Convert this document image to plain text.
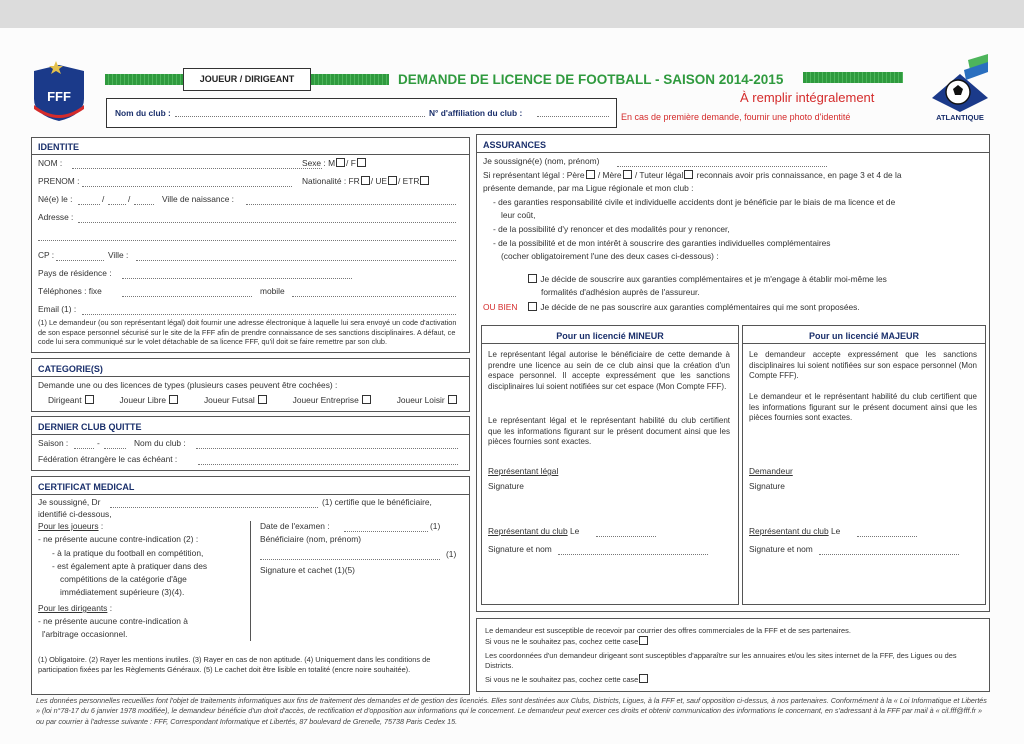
FFF
JOUEUR / DIRIGEANT	DEMANDE DE LICENCE DE FOOTBALL - SAISON 2014-2015
À remplir intégralement
En cas de première demande, fournir une photo d'identité	ATLANTIQUE
Nom du club :	N° d'affiliation du club :
IDENTITE
NOM :	Sexe : M / F
PRENOM :	Nationalité : FR / UE / ETR
Né(e) le :	/	/	Ville de naissance :
Adresse :
CP :	Ville :
Pays de résidence :
Téléphones : fixe	mobile
Email (1) :
(1) Le demandeur (ou son représentant légal) doit fournir une adresse électronique à laquelle lui sera envoyé un code d'activation de son espace personnel sécurisé sur le site de la FFF afin de prendre connaissance de ses sanctions disciplinaires. A défaut, ce code lui sera communiqué sur le volet détachable de sa licence FFF, qu'il doit se faire remettre par son club.
CATEGORIE(S)
Demande une ou des licences de types (plusieurs cases peuvent être cochées) :
Dirigeant	Joueur Libre	Joueur Futsal	Joueur Entreprise	Joueur Loisir
DERNIER CLUB QUITTE
Saison :	-	Nom du club :
Fédération étrangère le cas échéant :
CERTIFICAT MEDICAL
Je soussigné, Dr	(1) certifie que le bénéficiaire,
identifié ci-dessous,
Pour les joueurs :
- ne présente aucune contre-indication (2) :
- à la pratique du football en compétition,
- est également apte à pratiquer dans des
compétitions de la catégorie d'âge
immédiatement supérieure (3)(4).
Pour les dirigeants :
- ne présente aucune contre-indication à
l'arbitrage occasionnel.
Date de l'examen :	(1)
Bénéficiaire (nom, prénom)
(1)
Signature et cachet (1)(5)
(1) Obligatoire. (2) Rayer les mentions inutiles. (3) Rayer en cas de non aptitude. (4) Uniquement dans les conditions de participation fixées par les Règlements Généraux. (5) Le cachet doit être lisible en totalité (encre noire souhaitée).
ASSURANCES
Je soussigné(e) (nom, prénom)
Si représentant légal : Père / Mère / Tuteur légal reconnais avoir pris connaissance, en page 3 et 4 de la
présente demande, par ma Ligue régionale et mon club :
- des garanties responsabilité civile et individuelle accidents dont je bénéficie par le biais de ma licence et de
leur coût,
- de la possibilité d'y renoncer et des modalités pour y renoncer,
- de la possibilité et de mon intérêt à souscrire des garanties individuelles complémentaires
(cocher obligatoirement l'une des deux cases ci-dessous) :
Je décide de souscrire aux garanties complémentaires et je m'engage à établir moi-même les
formalités d'adhésion auprès de l'assureur.
OU BIEN	Je décide de ne pas souscrire aux garanties complémentaires qui me sont proposées.
Pour un licencié MINEUR
Le représentant légal autorise le bénéficiaire de cette demande à prendre une licence au sein de ce club ainsi que la création d'un espace personnel. Il accepte expressément que les sanctions disciplinaires lui soient notifiées sur cet espace (Mon Compte FFF).
Le représentant légal et le représentant habilité du club certifient que les informations figurant sur le présent document ainsi que les pièces fournies sont exactes.
Représentant légal
Signature
Représentant du club Le
Signature et nom
Pour un licencié MAJEUR
Le demandeur accepte expressément que les sanctions disciplinaires lui soient notifiées sur son espace personnel (Mon Compte FFF).
Le demandeur et le représentant habilité du club certifient que les informations figurant sur le présent document ainsi que les pièces fournies sont exactes.
Demandeur
Signature
Représentant du club Le
Signature et nom
Le demandeur est susceptible de recevoir par courrier des offres commerciales de la FFF et de ses partenaires.
Si vous ne le souhaitez pas, cochez cette case
Les coordonnées d'un demandeur dirigeant sont susceptibles d'apparaître sur les annuaires et/ou les sites internet de la FFF, des Ligues ou des Districts.
Si vous ne le souhaitez pas, cochez cette case
Les données personnelles recueillies font l'objet de traitements informatiques aux fins de traitement des demandes et de gestion des licenciés. Elles sont destinées aux Clubs, Districts, Ligues, à la FFF et, sauf opposition ci-dessus, à nos partenaires. Conformément à la « Loi Informatique et Libertés » (loi n°78-17 du 6 janvier 1978 modifiée), le demandeur bénéficie d'un droit d'accès, de rectification et d'opposition aux informations qui le concernent. Le demandeur peut exercer ces droits et obtenir communication des informations le concernant, en s'adressant à la FFF par mail à « cil.fff@fff.fr » ou par courrier à l'adresse suivante : FFF, Correspondant Informatique et Libertés, 87 boulevard de Grenelle, 75738 Paris Cedex 15.
